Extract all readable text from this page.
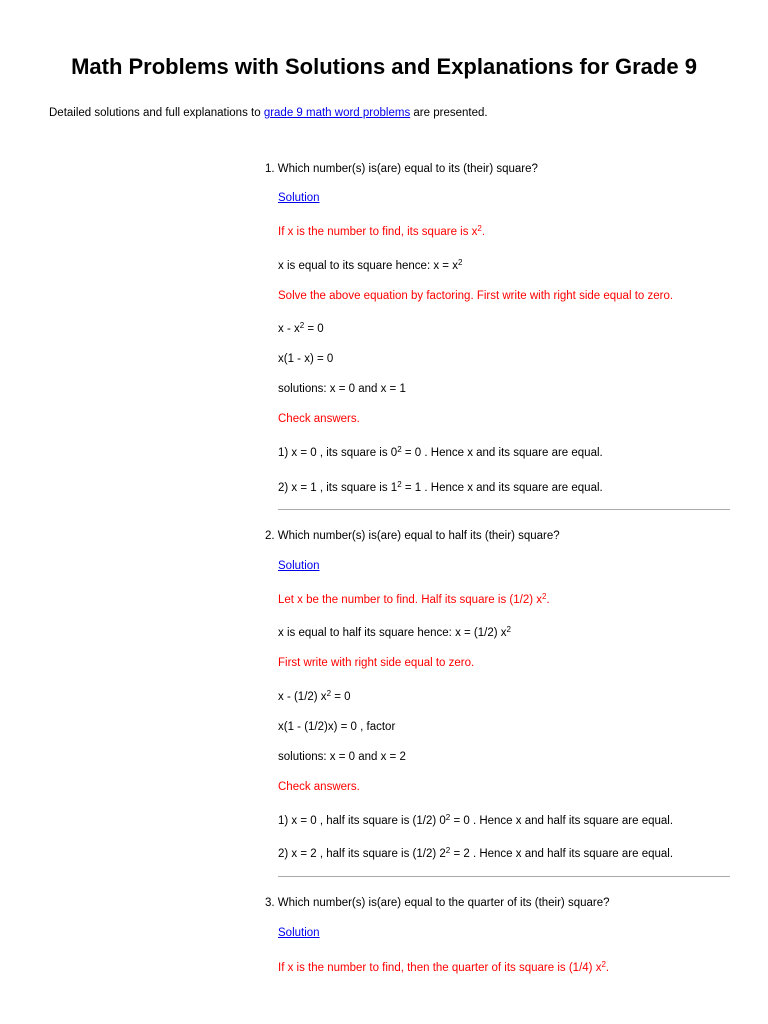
Math Problems with Solutions and Explanations for Grade 9
Detailed solutions and full explanations to grade 9 math word problems are presented.
1. Which number(s) is(are) equal to its (their) square?
Solution
If x is the number to find, its square is $x^2$.
x is equal to its square hence: $x = x^2$
Solve the above equation by factoring. First write with right side equal to zero.
$x - x^2 = 0$
x(1 - x) = 0
solutions: x = 0 and x = 1
Check answers.
1) x = 0 , its square is $0^2 = 0$ . Hence x and its square are equal.
2) x = 1 , its square is $1^2 = 1$ . Hence x and its square are equal.
2. Which number(s) is(are) equal to half its (their) square?
Solution
Let x be the number to find. Half its square is (1/2) $x^2$.
x is equal to half its square hence: x = (1/2) $x^2$
First write with right side equal to zero.
x - (1/2) $x^2 = 0$
x(1 - (1/2)x) = 0 , factor
solutions: x = 0 and x = 2
Check answers.
1) x = 0 , half its square is (1/2) $0^2 = 0$ . Hence x and half its square are equal.
2) x = 2 , half its square is (1/2) $2^2 = 2$ . Hence x and half its square are equal.
3. Which number(s) is(are) equal to the quarter of its (their) square?
Solution
If x is the number to find, then the quarter of its square is (1/4) $x^2$.
